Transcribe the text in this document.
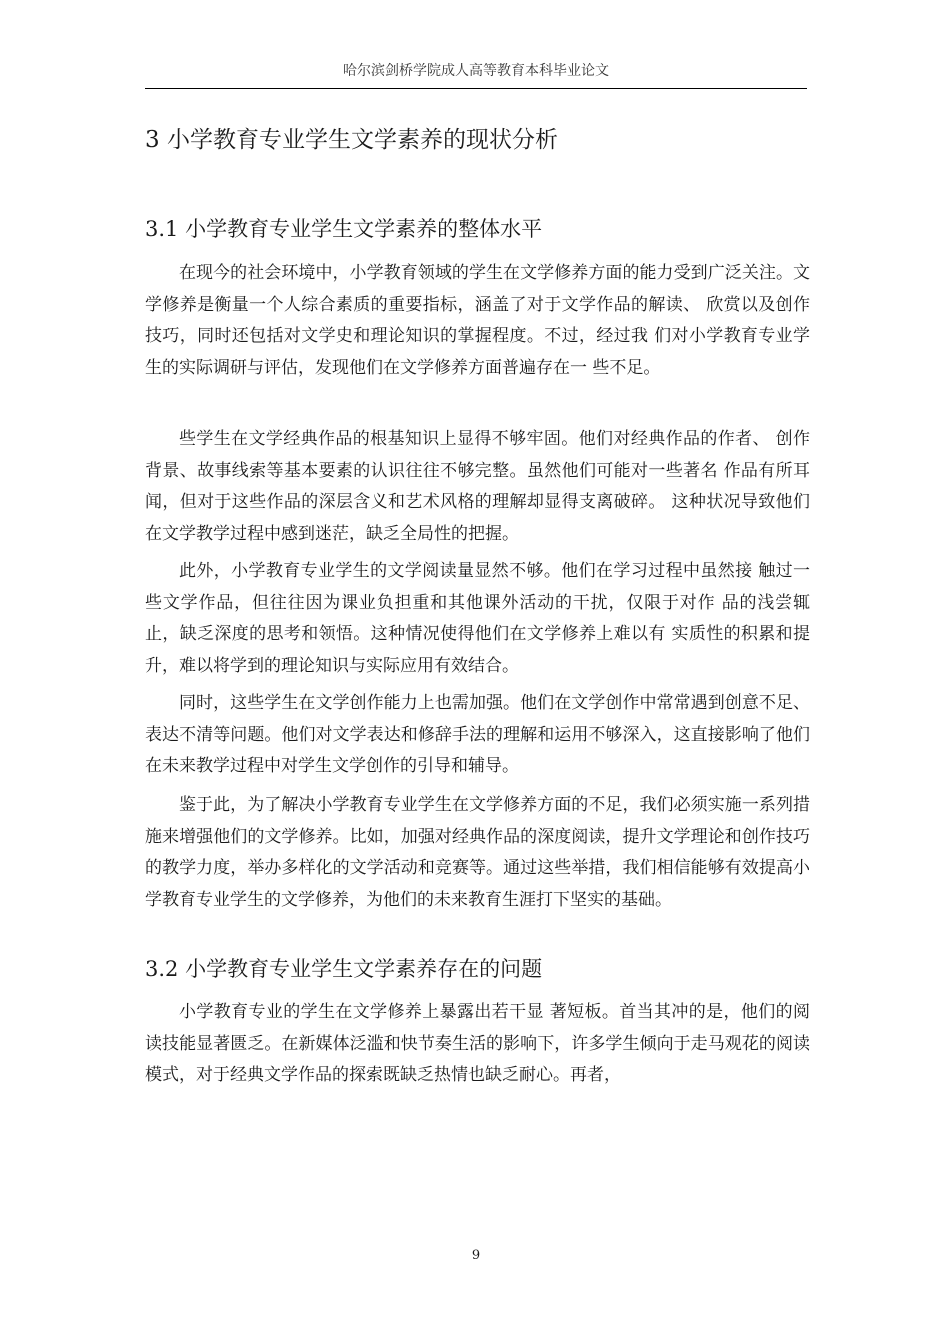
哈尔滨剑桥学院成人高等教育本科毕业论文
3 小学教育专业学生文学素养的现状分析
3.1 小学教育专业学生文学素养的整体水平

在现今的社会环境中，小学教育领域的学生在文学修养方面的能力受到广泛关注。文学修养是衡量一个人综合素质的重要指标，涵盖了对于文学作品的解读、 欣赏以及创作技巧，同时还包括对文学史和理论知识的掌握程度。不过，经过我 们对小学教育专业学生的实际调研与评估，发现他们在文学修养方面普遍存在一 些不足。

些学生在文学经典作品的根基知识上显得不够牢固。他们对经典作品的作者、 创作背景、故事线索等基本要素的认识往往不够完整。虽然他们可能对一些著名 作品有所耳闻，但对于这些作品的深层含义和艺术风格的理解却显得支离破碎。 这种状况导致他们在文学教学过程中感到迷茫，缺乏全局性的把握。

此外，小学教育专业学生的文学阅读量显然不够。他们在学习过程中虽然接 触过一些文学作品，但往往因为课业负担重和其他课外活动的干扰，仅限于对作 品的浅尝辄止，缺乏深度的思考和领悟。这种情况使得他们在文学修养上难以有 实质性的积累和提升，难以将学到的理论知识与实际应用有效结合。

同时，这些学生在文学创作能力上也需加强。他们在文学创作中常常遇到创意不足、表达不清等问题。他们对文学表达和修辞手法的理解和运用不够深入，这直接影响了他们在未来教学过程中对学生文学创作的引导和辅导。

鉴于此，为了解决小学教育专业学生在文学修养方面的不足，我们必须实施一系列措施来增强他们的文学修养。比如，加强对经典作品的深度阅读，提升文学理论和创作技巧的教学力度，举办多样化的文学活动和竞赛等。通过这些举措，我们相信能够有效提高小学教育专业学生的文学修养，为他们的未来教育生涯打下坚实的基础。

3.2 小学教育专业学生文学素养存在的问题

小学教育专业的学生在文学修养上暴露出若干显 著短板。首当其冲的是，他们的阅读技能显著匮乏。在新媒体泛滥和快节奏生活的影响下，许多学生倾向于走马观花的阅读模式，对于经典文学作品的探索既缺乏热情也缺乏耐心。再者，

9
